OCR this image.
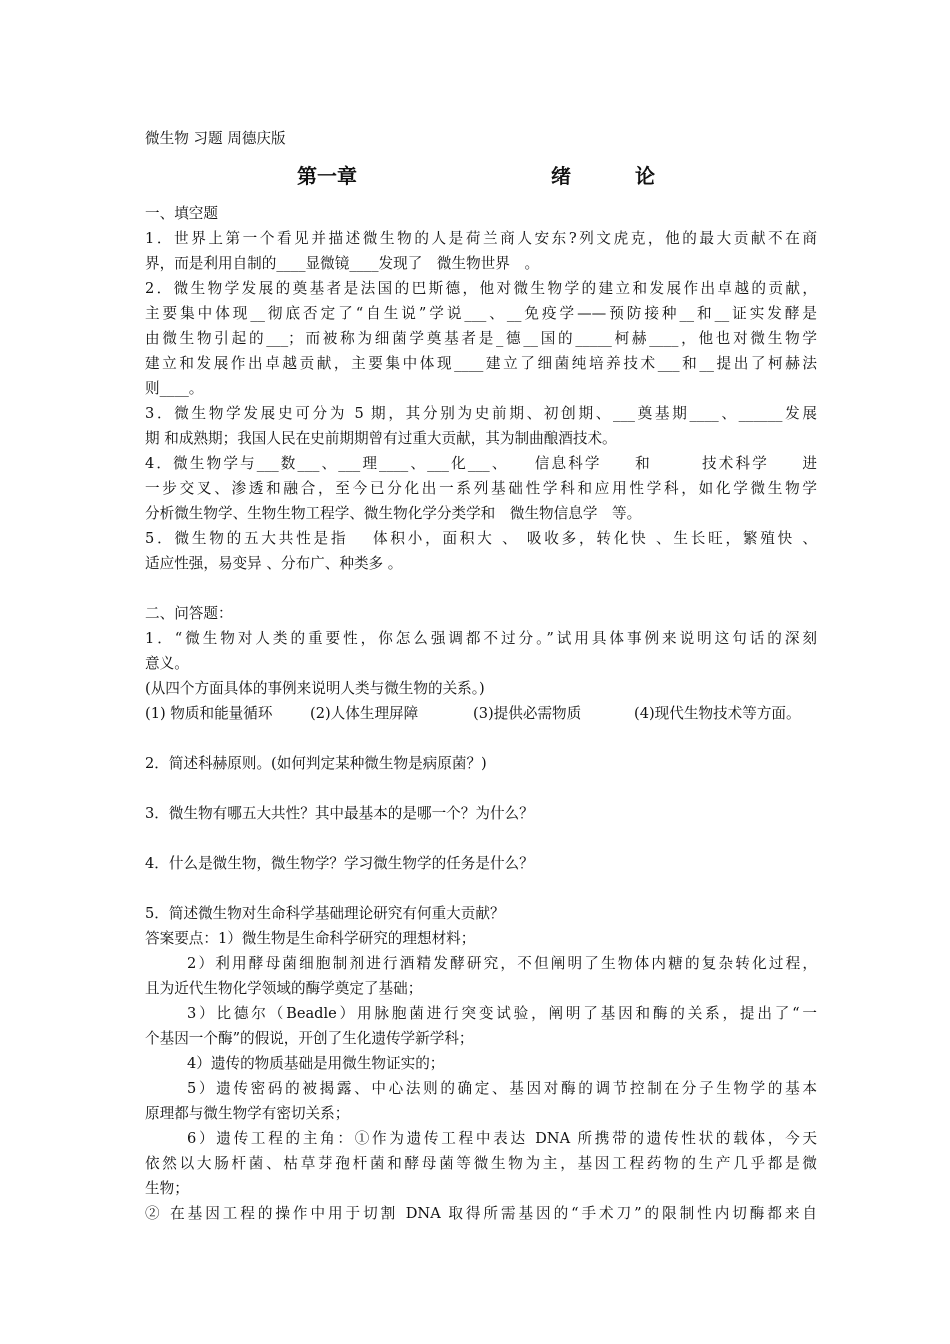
微生物 习题 周德庆版
第一章	绪	论
一、填空题
1．世界上第一个看见并描述微生物的人是荷兰商人安东?列文虎克，他的最大贡献不在商
界，而是利用自制的____显微镜____发现了　微生物世界　。
2．微生物学发展的奠基者是法国的巴斯德，他对微生物学的建立和发展作出卓越的贡献，
主要集中体现__彻底否定了“自生说”学说___、__免疫学——预防接种__和__证实发酵是
由微生物引起的___；而被称为细菌学奠基者是_德__国的_____柯赫____，他也对微生物学
建立和发展作出卓越贡献，主要集中体现____建立了细菌纯培养技术___和__提出了柯赫法
则____。
3．微生物学发展史可分为 5 期，其分别为史前期、初创期、___奠基期____、______发展
期 和成熟期；我国人民在史前期期曾有过重大贡献，其为制曲酿酒技术。
4．微生物学与___数___、___理____、___化___、　　信息科学　　和　　　技术科学　　进
一步交叉、渗透和融合，至今已分化出一系列基础性学科和应用性学科，如化学微生物学
分析微生物学、生物生物工程学、微生物化学分类学和　微生物信息学　等。
5．微生物的五大共性是指　 体积小，面积大 、 吸收多，转化快 、生长旺，繁殖快 、
适应性强，易变异 、分布广、种类多 。
二、问答题：
1．“微生物对人类的重要性，你怎么强调都不过分。”试用具体事例来说明这句话的深刻
意义。
(从四个方面具体的事例来说明人类与微生物的关系。)
(1) 物质和能量循环	(2)人体生理屏障	(3)提供必需物质	(4)现代生物技术等方面。
2．简述科赫原则。(如何判定某种微生物是病原菌？)
3．微生物有哪五大共性？其中最基本的是哪一个？为什么？
4．什么是微生物，微生物学？学习微生物学的任务是什么？
5．简述微生物对生命科学基础理论研究有何重大贡献？
答案要点：1）微生物是生命科学研究的理想材料；
2）利用酵母菌细胞制剂进行酒精发酵研究，不但阐明了生物体内糖的复杂转化过程，
且为近代生物化学领域的酶学奠定了基础；
3）比德尔（Beadle）用脉胞菌进行突变试验，阐明了基因和酶的关系，提出了“一
个基因一个酶”的假说，开创了生化遗传学新学科；
4）遗传的物质基础是用微生物证实的；
5）遗传密码的被揭露、中心法则的确定、基因对酶的调节控制在分子生物学的基本
原理都与微生物学有密切关系；
6）遗传工程的主角：①作为遗传工程中表达 DNA 所携带的遗传性状的载体，今天
依然以大肠杆菌、枯草芽孢杆菌和酵母菌等微生物为主，基因工程药物的生产几乎都是微
生物；
② 在基因工程的操作中用于切割 DNA 取得所需基因的“手术刀”的限制性内切酶都来自
